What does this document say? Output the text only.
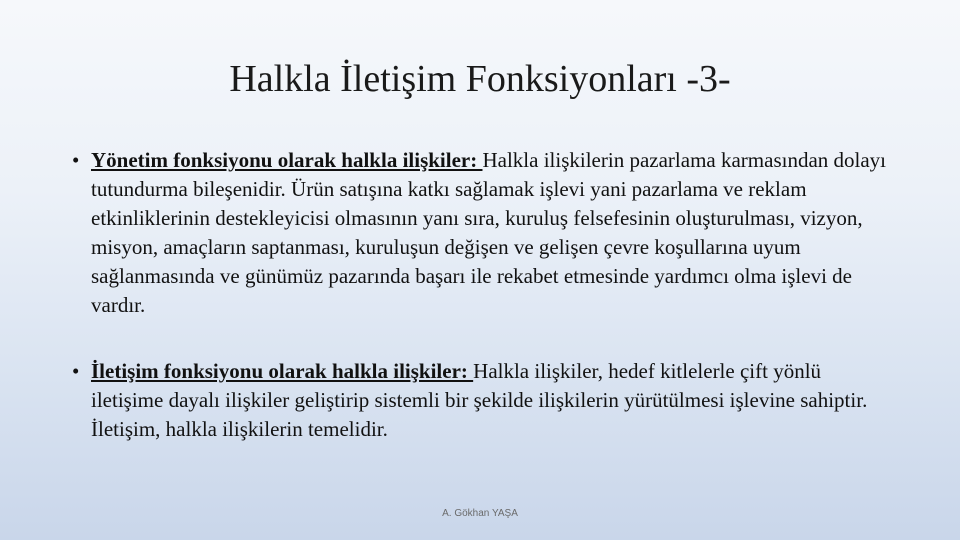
Halkla İletişim Fonksiyonları -3-
• Yönetim fonksiyonu olarak halkla ilişkiler: Halkla ilişkilerin pazarlama karmasından dolayı tutundurma bileşenidir. Ürün satışına katkı sağlamak işlevi yani pazarlama ve reklam etkinliklerinin destekleyicisi olmasının yanı sıra, kuruluş felsefesinin oluşturulması, vizyon, misyon, amaçların saptanması, kuruluşun değişen ve gelişen çevre koşullarına uyum sağlanmasında ve günümüz pazarında başarı ile rekabet etmesinde yardımcı olma işlevi de vardır.
• İletişim fonksiyonu olarak halkla ilişkiler: Halkla ilişkiler, hedef kitlelerle çift yönlü iletişime dayalı ilişkiler geliştirip sistemli bir şekilde ilişkilerin yürütülmesi işlevine sahiptir. İletişim, halkla ilişkilerin temelidir.
A. Gökhan YAŞA
